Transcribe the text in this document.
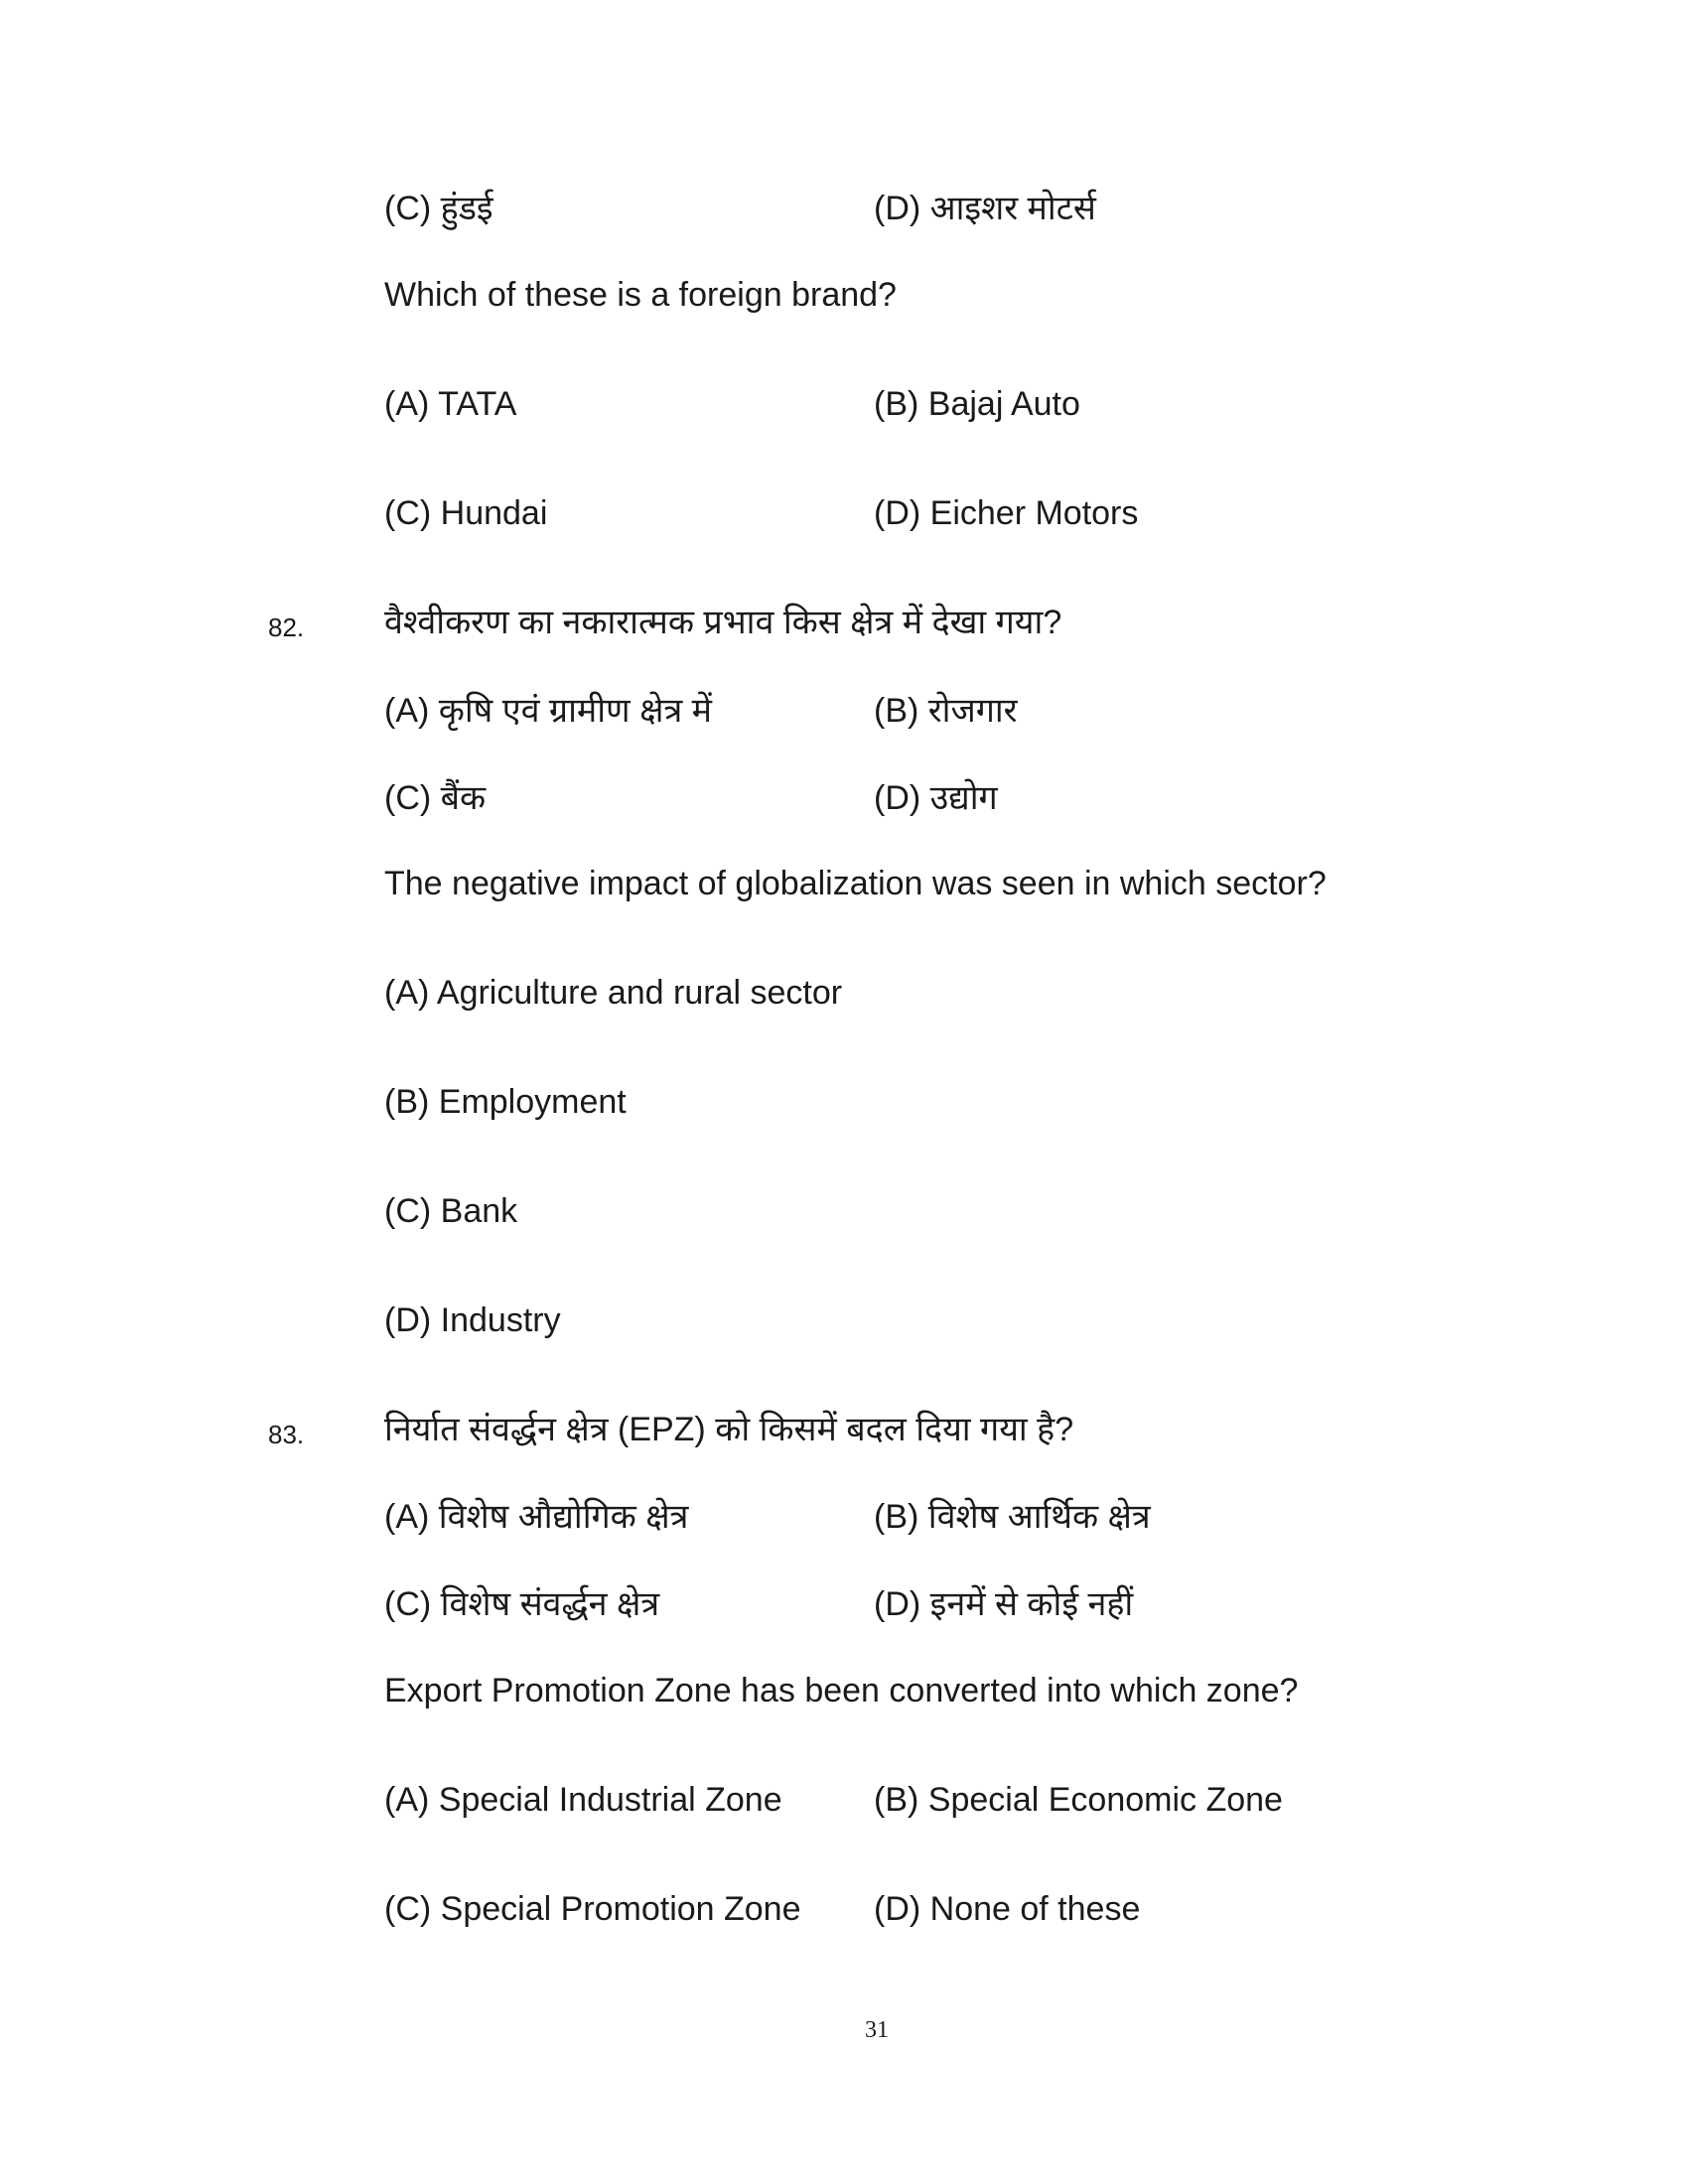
(C) हुंडई	(D) आइशर मोटर्स
Which of these is a foreign brand?
(A) TATA	(B) Bajaj Auto
(C) Hundai	(D) Eicher Motors
82. वैश्वीकरण का नकारात्मक प्रभाव किस क्षेत्र में देखा गया?
(A) कृषि एवं ग्रामीण क्षेत्र में	(B) रोजगार
(C) बैंक	(D) उद्योग
The negative impact of globalization was seen in which sector?
(A) Agriculture and rural sector
(B) Employment
(C) Bank
(D) Industry
83. निर्यात संवर्द्धन क्षेत्र (EPZ) को किसमें बदल दिया गया है?
(A) विशेष औद्योगिक क्षेत्र	(B) विशेष आर्थिक क्षेत्र
(C) विशेष संवर्द्धन क्षेत्र	(D) इनमें से कोई नहीं
Export Promotion Zone has been converted into which zone?
(A) Special Industrial Zone	(B) Special Economic Zone
(C) Special Promotion Zone (D) None of these
31
